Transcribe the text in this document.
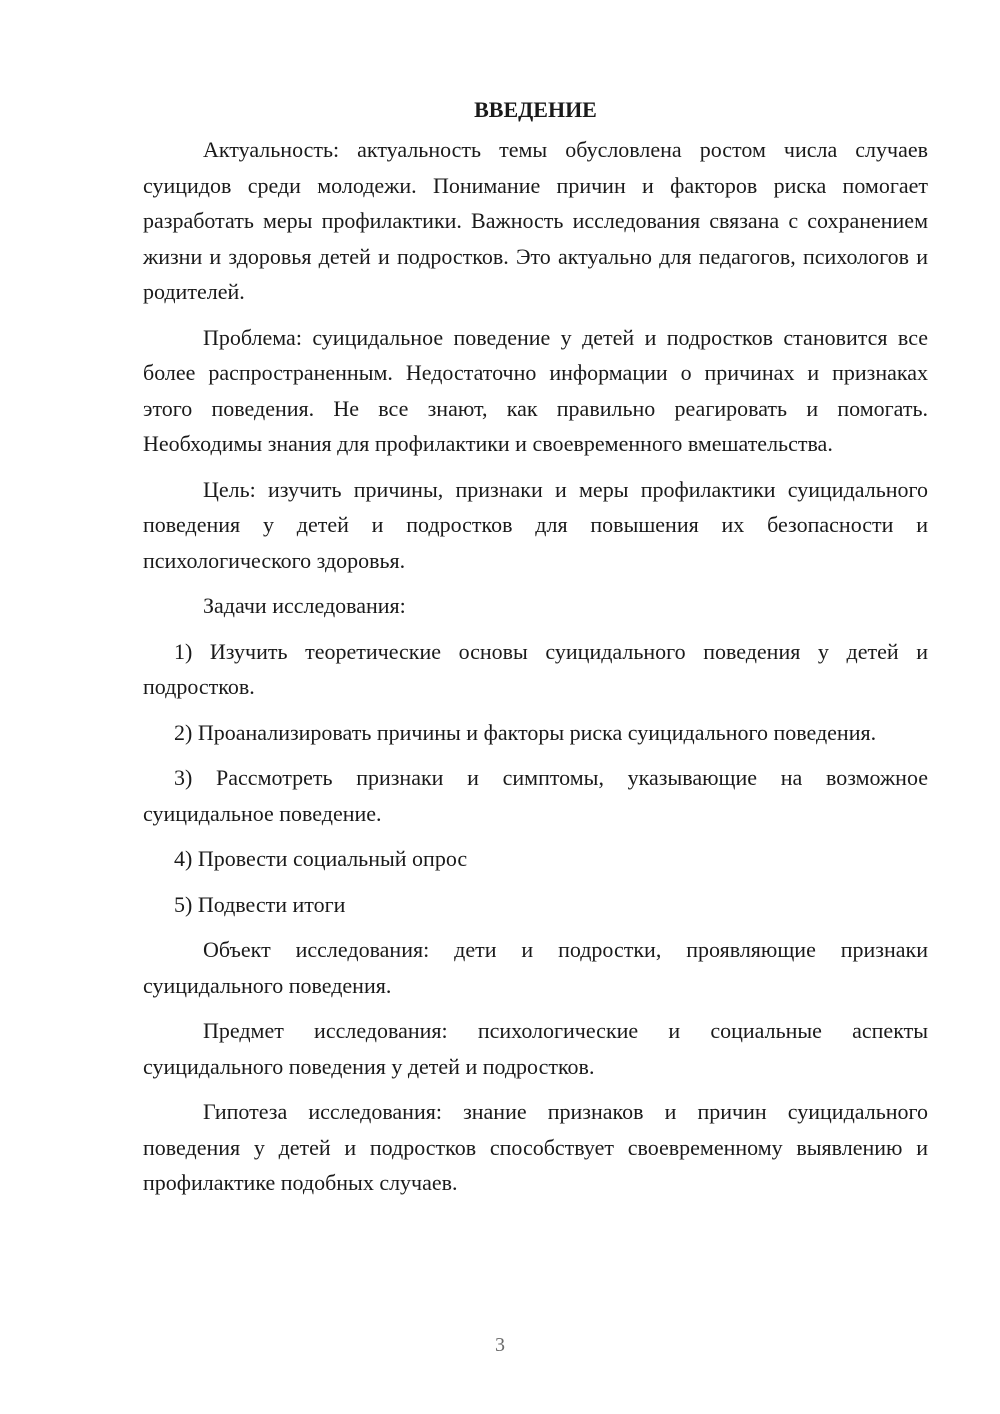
ВВЕДЕНИЕ

Актуальность: актуальность темы обусловлена ростом числа случаев суицидов среди молодежи. Понимание причин и факторов риска помогает разработать меры профилактики. Важность исследования связана с сохранением жизни и здоровья детей и подростков. Это актуально для педагогов, психологов и родителей.

Проблема: суицидальное поведение у детей и подростков становится все более распространенным. Недостаточно информации о причинах и признаках этого поведения. Не все знают, как правильно реагировать и помогать. Необходимы знания для профилактики и своевременного вмешательства.

Цель: изучить причины, признаки и меры профилактики суицидального поведения у детей и подростков для повышения их безопасности и психологического здоровья.

Задачи исследования:

1) Изучить теоретические основы суицидального поведения у детей и подростков.

2) Проанализировать причины и факторы риска суицидального поведения.

3) Рассмотреть признаки и симптомы, указывающие на возможное суицидальное поведение.

4) Провести социальный опрос

5) Подвести итоги

Объект исследования: дети и подростки, проявляющие признаки суицидального поведения.

Предмет исследования: психологические и социальные аспекты суицидального поведения у детей и подростков.

Гипотеза исследования: знание признаков и причин суицидального поведения у детей и подростков способствует своевременному выявлению и профилактике подобных случаев.

3
